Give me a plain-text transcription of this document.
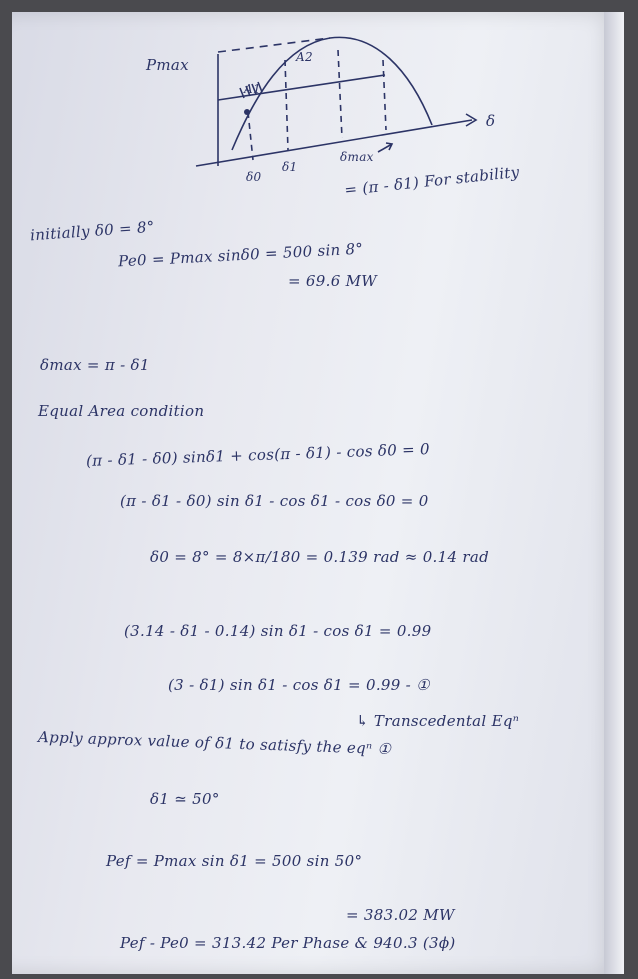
Pmax
A1
A2
δ
δ0
δ1
δmax
= (π - δ1) For stability
initially δ0 = 8°
Pe0 = Pmax sinδ0 = 500 sin 8°
= 69.6 MW
δmax = π - δ1
Equal Area condition
(π - δ1 - δ0) sinδ1 + cos(π - δ1) - cos δ0 = 0
(π - δ1 - δ0) sin δ1 - cos δ1 - cos δ0 = 0
δ0 = 8° = 8×π/180 = 0.139 rad ≈ 0.14 rad
(3.14 - δ1 - 0.14) sin δ1 - cos δ1 = 0.99
(3 - δ1) sin δ1 - cos δ1 = 0.99 - ①
↳ Transcedental Eqⁿ
Apply approx value of δ1 to satisfy the eqⁿ ①
δ1 ≃ 50°
Pef = Pmax sin δ1 = 500 sin 50°
= 383.02 MW
Pef - Pe0 = 313.42 Per Phase & 940.3 (3ϕ)
